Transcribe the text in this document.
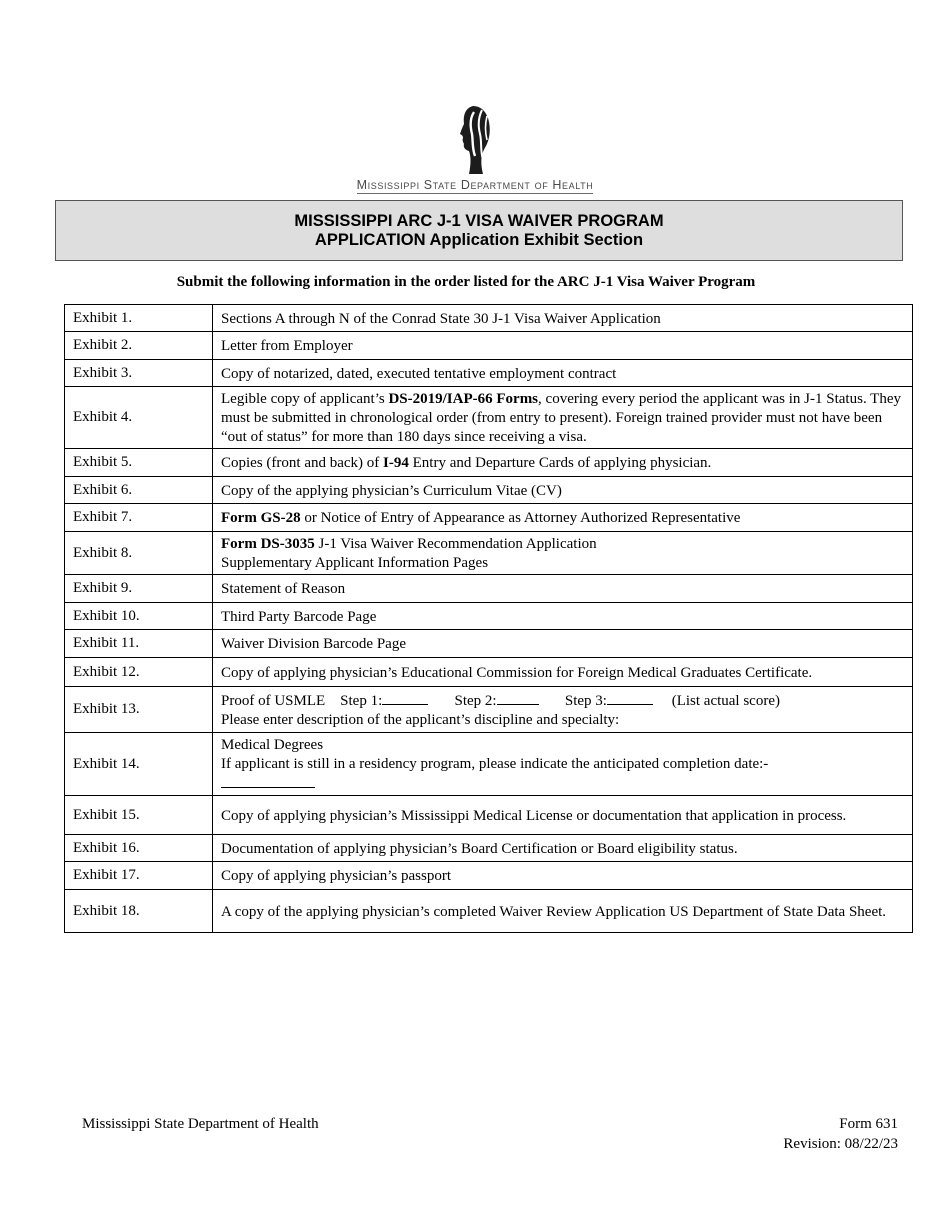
Mississippi State Department of Health
MISSISSIPPI ARC J-1 VISA WAIVER PROGRAM
APPLICATION Application Exhibit Section
Submit the following information in the order listed for the ARC J-1 Visa Waiver Program
Exhibit 1.	Sections A through N of the Conrad State 30 J-1 Visa Waiver Application
Exhibit 2.	Letter from Employer
Exhibit 3.	Copy of notarized, dated, executed tentative employment contract
Exhibit 4.	Legible copy of applicant’s DS-2019/IAP-66 Forms, covering every period the applicant was in J-1 Status. They must be submitted in chronological order (from entry to present). Foreign trained provider must not have been “out of status” for more than 180 days since receiving a visa.
Exhibit 5.	Copies (front and back) of I-94 Entry and Departure Cards of applying physician.
Exhibit 6.	Copy of the applying physician’s Curriculum Vitae (CV)
Exhibit 7.	Form GS-28 or Notice of Entry of Appearance as Attorney Authorized Representative
Exhibit 8.	Form DS-3035 J-1 Visa Waiver Recommendation Application
Supplementary Applicant Information Pages
Exhibit 9.	Statement of Reason
Exhibit 10.	Third Party Barcode Page
Exhibit 11.	Waiver Division Barcode Page
Exhibit 12.	Copy of applying physician’s Educational Commission for Foreign Medical Graduates Certificate.
Exhibit 13.	Proof of USMLE Step 1: Step 2: Step 3: (List actual score)
Please enter description of the applicant’s discipline and specialty:
Exhibit 14.	Medical Degrees
If applicant is still in a residency program, please indicate the anticipated completion date:-

Exhibit 15.	Copy of applying physician’s Mississippi Medical License or documentation that application in process.
Exhibit 16.	Documentation of applying physician’s Board Certification or Board eligibility status.
Exhibit 17.	Copy of applying physician’s passport
Exhibit 18.	A copy of the applying physician’s completed Waiver Review Application US Department of State Data Sheet.
Mississippi State Department of Health	Form 631
Revision: 08/22/23
